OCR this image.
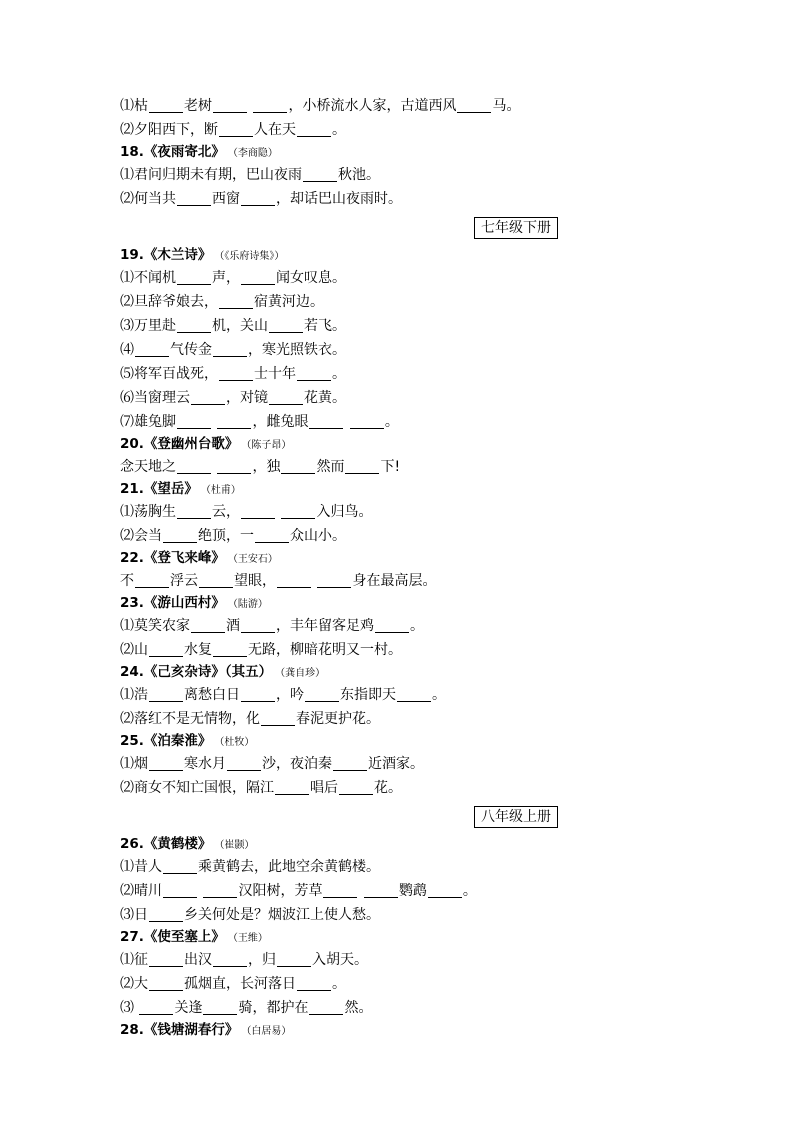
⑴枯	老树	，小桥流水人家，古道西风	马。
⑵夕阳西下，断	人在天	。
18.《夜雨寄北》 （李商隐）
⑴君问归期未有期，巴山夜雨	秋池。
⑵何当共	西窗	，却话巴山夜雨时。
七年级下册
19.《木兰诗》 （《乐府诗集》）
⑴不闻机	声，	闻女叹息。
⑵旦辞爷娘去，	宿黄河边。
⑶万里赴	机，关山	若飞。
⑷	气传金	，寒光照铁衣。
⑸将军百战死，	士十年	。
⑹当窗理云	，对镜	花黄。
⑺雄兔脚	，雌兔眼	。
20.《登幽州台歌》 （陈子昂）
念天地之	，独	然而	下!
21.《望岳》 （杜甫）
⑴荡胸生	云，	入归鸟。
⑵会当	绝顶，一	众山小。
22.《登飞来峰》 （王安石）
不	浮云	望眼，	身在最高层。
23.《游山西村》 （陆游）
⑴莫笑农家	酒	，丰年留客足鸡	。
⑵山	水复	无路，柳暗花明又一村。
24.《己亥杂诗》（其五） （龚自珍）
⑴浩	离愁白日	，吟	东指即天	。
⑵落红不是无情物，化	春泥更护花。
25.《泊秦淮》 （杜牧）
⑴烟	寒水月	沙，夜泊秦	近酒家。
⑵商女不知亡国恨，隔江	唱后	花。
八年级上册
26.《黄鹤楼》 （崔颢）
⑴昔人	乘黄鹤去，此地空余黄鹤楼。
⑵晴川	汉阳树，芳草	鹦鹉	。
⑶日	乡关何处是？烟波江上使人愁。
27.《使至塞上》 （王维）
⑴征	出汉	，归	入胡天。
⑵大	孤烟直，长河落日	。
⑶	关逢	骑，都护在	然。
28.《钱塘湖春行》 （白居易）
